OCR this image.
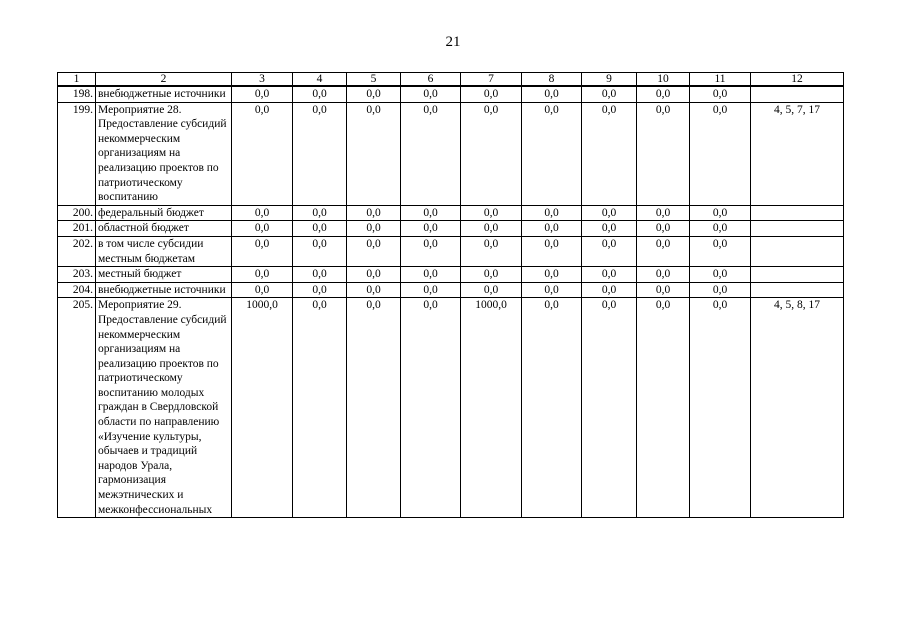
21
1	2	3	4	5	6	7	8	9	10	11	12
198.	внебюджетные источники	0,0	0,0	0,0	0,0	0,0	0,0	0,0	0,0	0,0	
199.	Мероприятие 28. Предоставление субсидий некоммерческим организациям на реализацию проектов по патриотическому воспитанию	0,0	0,0	0,0	0,0	0,0	0,0	0,0	0,0	0,0	4, 5, 7, 17
200.	федеральный бюджет	0,0	0,0	0,0	0,0	0,0	0,0	0,0	0,0	0,0	
201.	областной бюджет	0,0	0,0	0,0	0,0	0,0	0,0	0,0	0,0	0,0	
202.	в том числе субсидии местным бюджетам	0,0	0,0	0,0	0,0	0,0	0,0	0,0	0,0	0,0	
203.	местный бюджет	0,0	0,0	0,0	0,0	0,0	0,0	0,0	0,0	0,0	
204.	внебюджетные источники	0,0	0,0	0,0	0,0	0,0	0,0	0,0	0,0	0,0	
205.	Мероприятие 29. Предоставление субсидий некоммерческим организациям на реализацию проектов по патриотическому воспитанию молодых граждан в Свердловской области по направлению «Изучение культуры, обычаев и традиций народов Урала, гармонизация межэтнических и межконфессиональных	1000,0	0,0	0,0	0,0	1000,0	0,0	0,0	0,0	0,0	4, 5, 8, 17
